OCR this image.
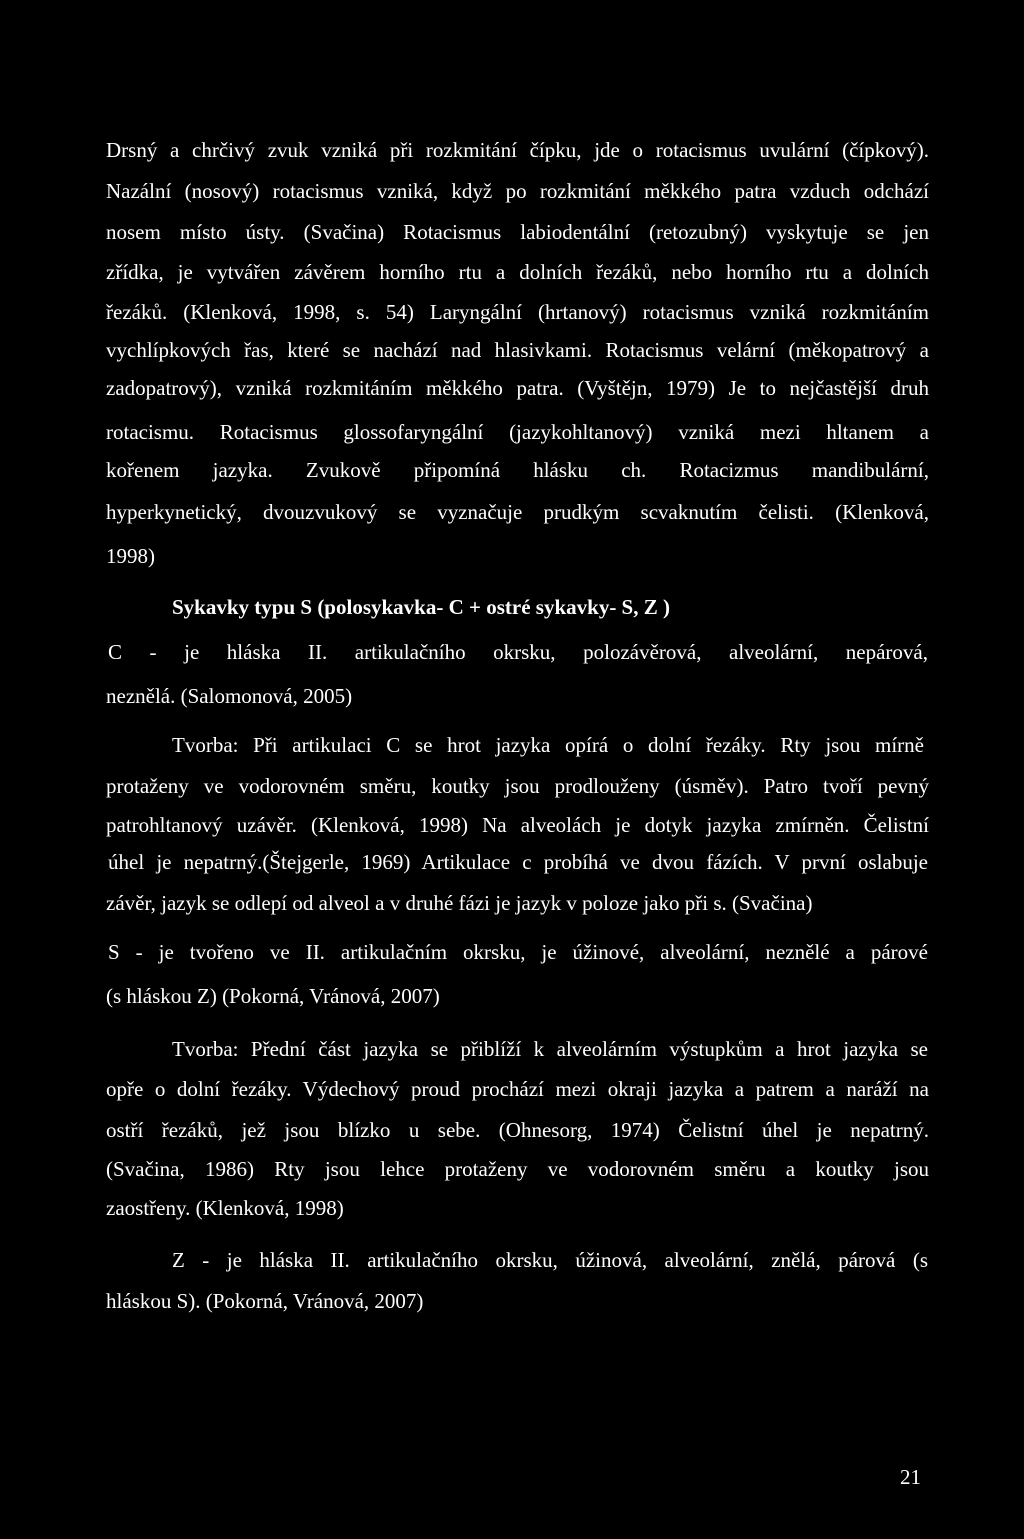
Drsný a chrčivý zvuk vzniká při rozkmitání čípku, jde o rotacismus uvulární (čípkový).

Nazální (nosový) rotacismus vzniká, když po rozkmitání měkkého patra vzduch odchází

nosem místo ústy. (Svačina) Rotacismus labiodentální (retozubný) vyskytuje se jen

zřídka, je vytvářen závěrem horního rtu a dolních řezáků, nebo horního rtu a dolních

řezáků. (Klenková, 1998, s. 54) Laryngální (hrtanový) rotacismus vzniká rozkmitáním

vychlípkových řas, které se nachází nad hlasivkami. Rotacismus velární (měkopatrový a

zadopatrový), vzniká rozkmitáním měkkého patra. (Vyštějn, 1979) Je to nejčastější druh

rotacismu. Rotacismus glossofaryngální (jazykohltanový) vzniká mezi hltanem a

kořenem jazyka. Zvukově připomíná hlásku ch. Rotacizmus mandibulární,

hyperkynetický, dvouzvukový se vyznačuje prudkým scvaknutím čelisti. (Klenková,

1998)

Sykavky typu S (polosykavka- C + ostré sykavky- S, Z )

C - je hláska II. artikulačního okrsku, polozávěrová, alveolární, nepárová,

neznělá. (Salomonová, 2005)

Tvorba: Při artikulaci C se hrot jazyka opírá o dolní řezáky. Rty jsou mírně

protaženy ve vodorovném směru, koutky jsou prodlouženy (úsměv). Patro tvoří pevný

patrohltanový uzávěr. (Klenková, 1998) Na alveolách je dotyk jazyka zmírněn. Čelistní

úhel je nepatrný.(Štejgerle, 1969) Artikulace c probíhá ve dvou fázích. V první oslabuje

závěr, jazyk se odlepí od alveol a v druhé fázi je jazyk v poloze jako při s. (Svačina)

S - je tvořeno ve II. artikulačním okrsku, je úžinové, alveolární, neznělé a párové

(s hláskou Z) (Pokorná, Vránová, 2007)

Tvorba: Přední část jazyka se přiblíží k alveolárním výstupkům a hrot jazyka se

opře o dolní řezáky. Výdechový proud prochází mezi okraji jazyka a patrem a naráží na

ostří řezáků, jež jsou blízko u sebe. (Ohnesorg, 1974) Čelistní úhel je nepatrný.

(Svačina, 1986) Rty jsou lehce protaženy ve vodorovném směru a koutky jsou

zaostřeny. (Klenková, 1998)

Z - je hláska II. artikulačního okrsku, úžinová, alveolární, znělá, párová (s

hláskou S). (Pokorná, Vránová, 2007)

21
